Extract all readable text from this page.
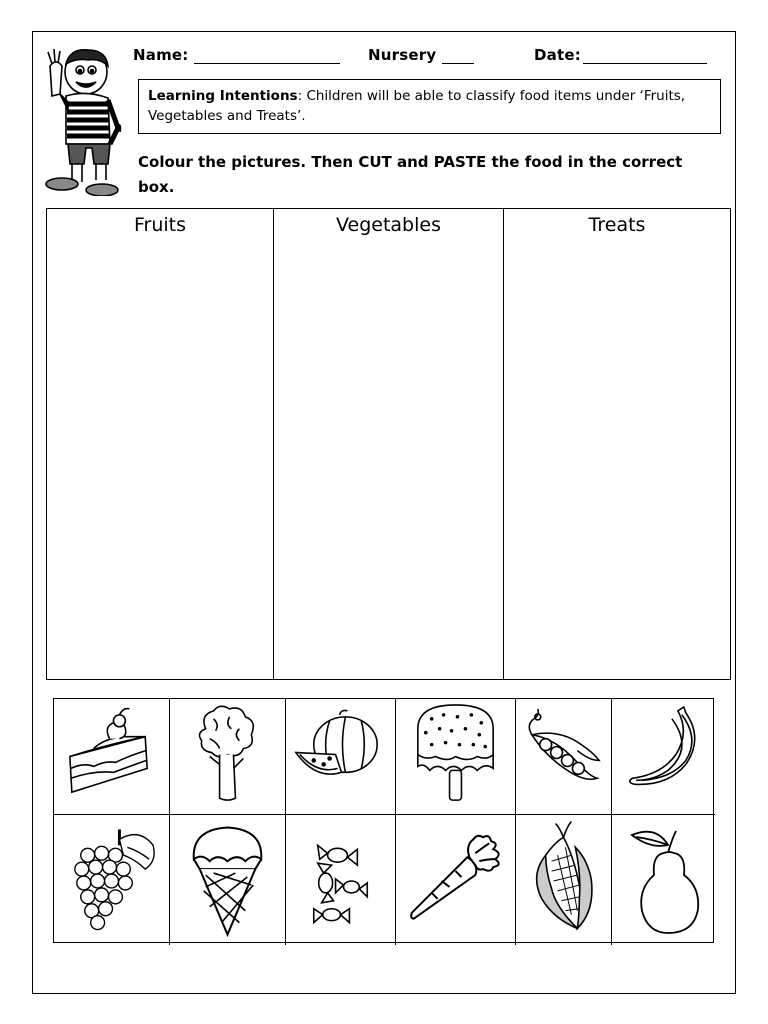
Name:	Nursery	Date:
Learning Intentions: Children will be able to classify food items under ‘Fruits, Vegetables and Treats’.
Colour the pictures. Then CUT and PASTE the food in the correct box.
Fruits	Vegetables	Treats
